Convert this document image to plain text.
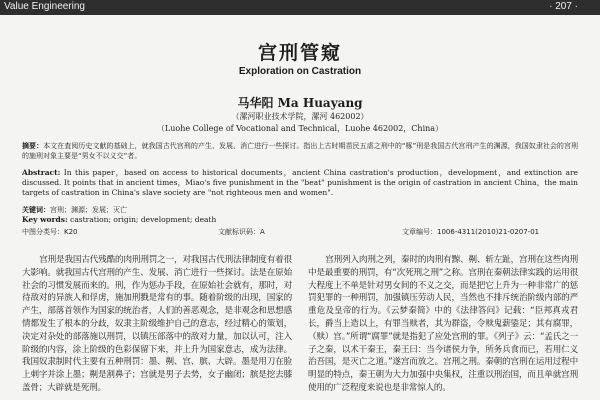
Value Engineering	· 207 ·
宫刑管窥
Exploration on Castration
马华阳 Ma Huayang
（漯河职业技术学院，漯河 462002）
（Luohe College of Vocational and Technical，Luohe 462002，China）

摘要：本文在査阅历史文献的基础上，就我国古代宫刑的产生、发展、消亡进行一些探讨。指出上古时期苗民五虐之刑中的“椓”刑是我国古代宫刑产生的渊源，我国奴隶社会的宫刑的施刑对象主要是“男女不以义交”者。

Abstract: In this paper，based on access to historical documents，ancient China castration's production，development，and extinction are discussed. It points that in ancient times，Miao's five punishment in the "beat" punishment is the origin of castration in ancient China，the main targets of castration in China's slave society are "not righteous men and women".

关键词：宫刑；渊源；发展；灭亡

Key words: castration; origin; development; death

中图分类号：K20	文献标识码：A	文章编号：1006-4311(2010)21-0207-01

宫刑是我国古代残酷的肉刑刑罚之一，对我国古代刑法律制度有着很大影响。就我国古代宫刑的产生、发展、消亡进行一些探讨。法是在原始社会的习惯发展而来的。刑，作为惩办手段，在原始社会就有，那时，对待敌对的异族人和俘虏，施加刑戮是常有的事。随着阶级的出现，国家的产生，部落首领作为国家的统治者，人们的善恶观念，是非观念和思想感情都发生了根本的分歧，奴隶主阶级维护自己的意志，经过精心的策划，决定对杂处的部落施以刑罚，以镇压部落中的敌对力量，加以认可，注入阶级的内容，涂上阶级的色彩保留下来，并上升为国家意志，成为法律。我国奴隶制时代主要有五种刑罚：墨、劓、宫、膑、大辟。墨是用刀在脸上刺字并涂上墨；劓是割鼻子；宫就是男子去势，女子幽闭；膑是挖去膝盖骨；大辟就是死刑。

宫刑列入肉刑之列，秦时的肉刑有黥、劓、斩左趾，宫刑在这些肉刑中是最重要的刑罚，有“次死刑之刑”之称。宫刑在秦朝法律实践的运用很大程度上不单是针对男女间的不义之交，而是把它上升为一种非常广的惩罚犯罪的一种刑罚，加强镇压劳动人民，当然也不排斥统治阶级内部的严重危及皇帝的行为。《云梦秦简》中的《法律答问》记载：“臣邦真戎君长，爵当上造以上，有罪当赎者，其为群盗，令赎鬼薪鋈足；其有腐罪，（赎）宫。”所谓“腐罪”就是指犯了应处宫刑的罪。《列子》云：“孟氏之一子之秦，以术干秦王，秦王曰：当今诸侯力争，所务兵食而已，若用仁义治吾国，是灭亡之道。”遂宫而放之。宫刑之刑。秦朝的宫刑在运用过程中明显的特点，秦王朝为大力加强中央集权，注重以刑治国，而且单就宫刑使用的广泛程度来说也是非常惊人的。
